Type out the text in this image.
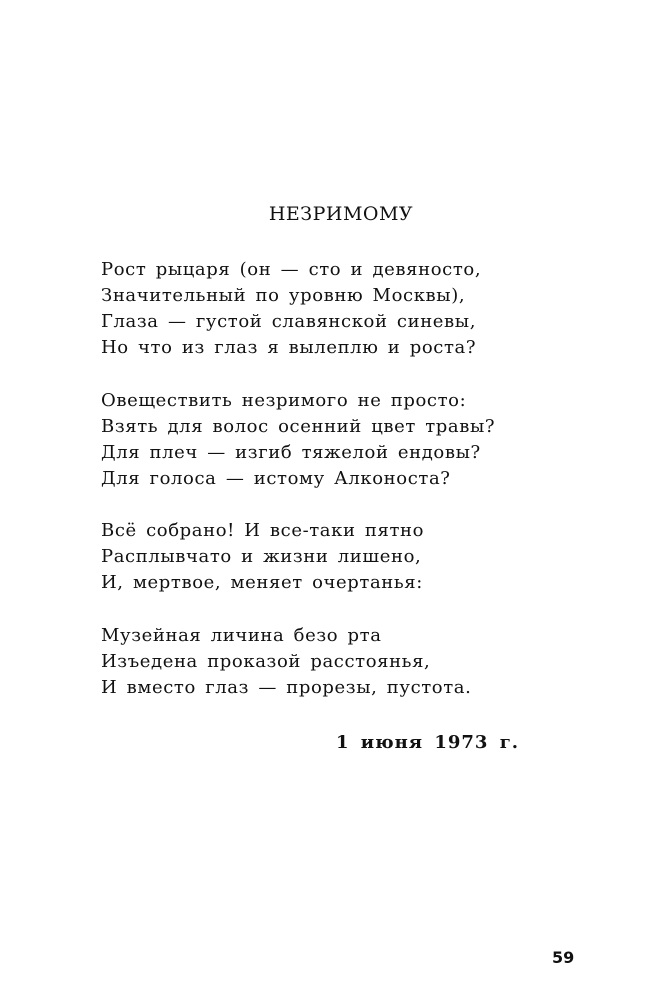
НЕЗРИМОМУ
Рост рыцаря (он — сто и девяносто,
Значительный по уровню Москвы),
Глаза — густой славянской синевы,
Но что из глаз я вылеплю и роста?
Овеществить незримого не просто:
Взять для волос осенний цвет травы?
Для плеч — изгиб тяжелой ендовы?
Для голоса — истому Алконоста?
Всё собрано! И все-таки пятно
Расплывчато и жизни лишено,
И, мертвое, меняет очертанья:
Музейная личина безо рта
Изъедена проказой расстоянья,
И вместо глаз — прорезы, пустота.
1 июня 1973 г.
59
